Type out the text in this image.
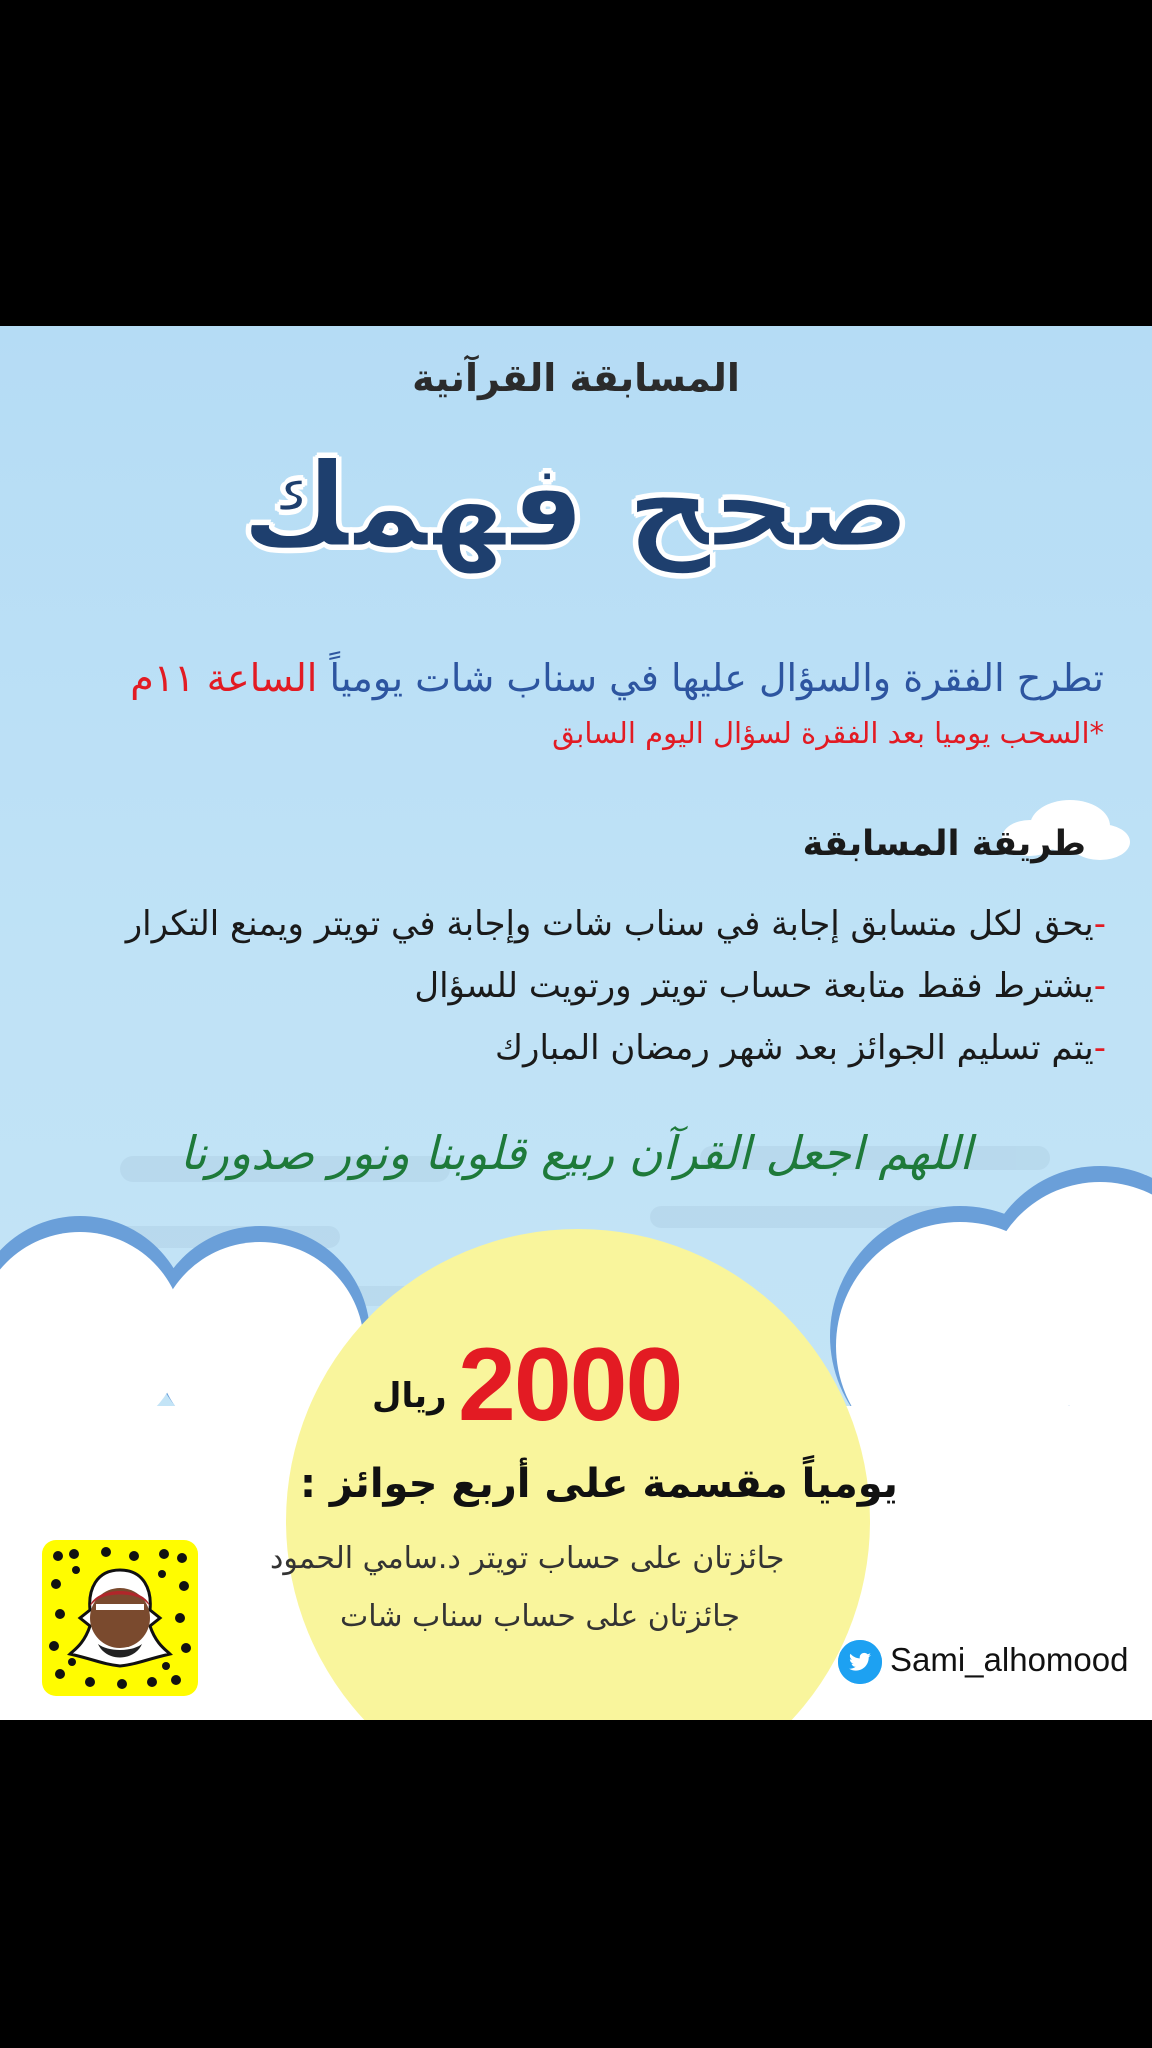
المسابقة القرآنية
صحح فهمك
تطرح الفقرة والسؤال عليها في سناب شات يومياً الساعة ١١م
*السحب يوميا بعد الفقرة لسؤال اليوم السابق
طريقة المسابقة
-يحق لكل متسابق إجابة في سناب شات وإجابة في تويتر ويمنع التكرار
-يشترط فقط متابعة حساب تويتر ورتويت للسؤال
-يتم تسليم الجوائز بعد شهر رمضان المبارك
اللهم اجعل القرآن ربيع قلوبنا ونور صدورنا
ريال 2000
يومياً مقسمة على أربع جوائز :
جائزتان على حساب تويتر د.سامي الحمود
جائزتان على حساب سناب شات
Sami_alhomood
